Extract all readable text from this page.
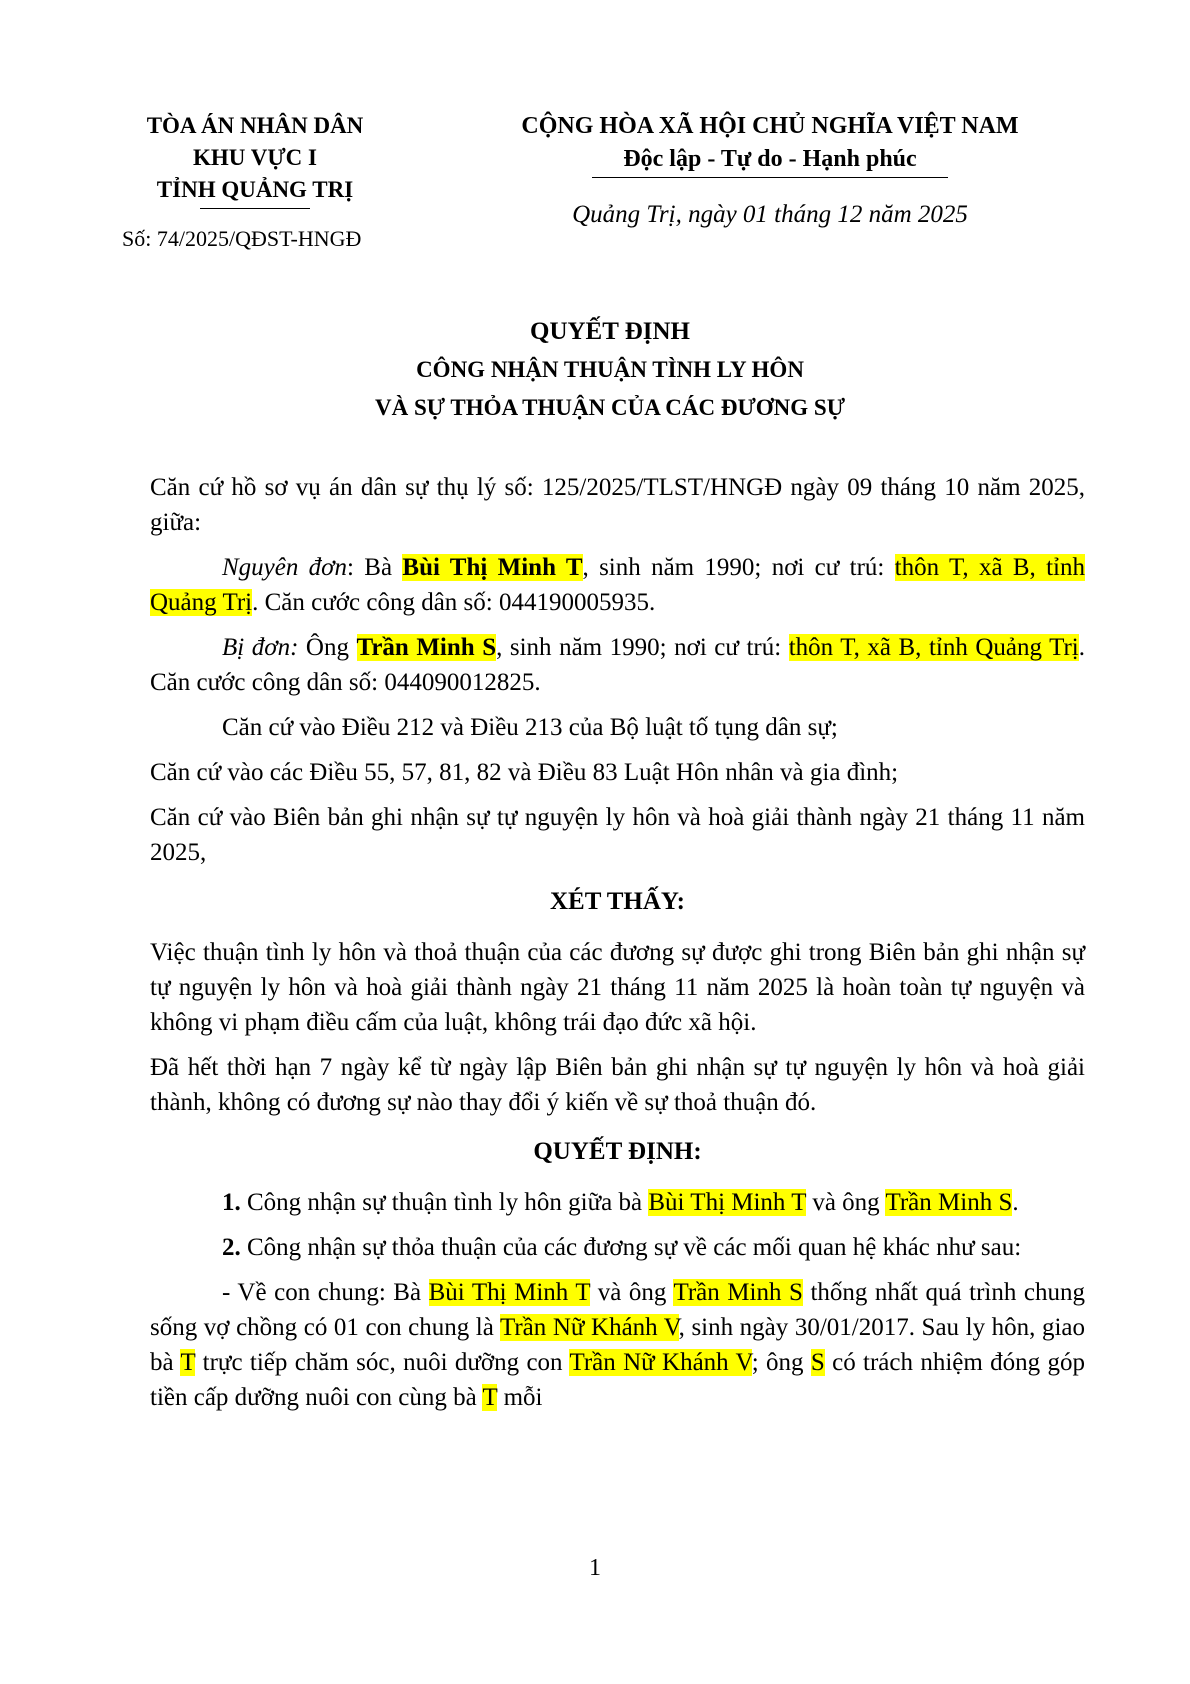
TÒA ÁN NHÂN DÂN
KHU VỰC I
TỈNH QUẢNG TRỊ
Số: 74/2025/QĐST-HNGĐ
CỘNG HÒA XÃ HỘI CHỦ NGHĨA VIỆT NAM
Độc lập - Tự do - Hạnh phúc
Quảng Trị, ngày 01 tháng 12 năm 2025
QUYẾT ĐỊNH
CÔNG NHẬN THUẬN TÌNH LY HÔN
VÀ SỰ THỎA THUẬN CỦA CÁC ĐƯƠNG SỰ

Căn cứ hồ sơ vụ án dân sự thụ lý số: 125/2025/TLST/HNGĐ ngày 09 tháng 10 năm 2025, giữa:

Nguyên đơn: Bà Bùi Thị Minh T, sinh năm 1990; nơi cư trú: thôn T, xã B, tỉnh Quảng Trị. Căn cước công dân số: 044190005935.

Bị đơn: Ông Trần Minh S, sinh năm 1990; nơi cư trú: thôn T, xã B, tỉnh Quảng Trị. Căn cước công dân số: 044090012825.

Căn cứ vào Điều 212 và Điều 213 của Bộ luật tố tụng dân sự;

Căn cứ vào các Điều 55, 57, 81, 82 và Điều 83 Luật Hôn nhân và gia đình;

Căn cứ vào Biên bản ghi nhận sự tự nguyện ly hôn và hoà giải thành ngày 21 tháng 11 năm 2025,

XÉT THẤY:

Việc thuận tình ly hôn và thoả thuận của các đương sự được ghi trong Biên bản ghi nhận sự tự nguyện ly hôn và hoà giải thành ngày 21 tháng 11 năm 2025 là hoàn toàn tự nguyện và không vi phạm điều cấm của luật, không trái đạo đức xã hội.

Đã hết thời hạn 7 ngày kể từ ngày lập Biên bản ghi nhận sự tự nguyện ly hôn và hoà giải thành, không có đương sự nào thay đổi ý kiến về sự thoả thuận đó.

QUYẾT ĐỊNH:

1. Công nhận sự thuận tình ly hôn giữa bà Bùi Thị Minh T và ông Trần Minh S.

2. Công nhận sự thỏa thuận của các đương sự về các mối quan hệ khác như sau:

- Về con chung: Bà Bùi Thị Minh T và ông Trần Minh S thống nhất quá trình chung sống vợ chồng có 01 con chung là Trần Nữ Khánh V, sinh ngày 30/01/2017. Sau ly hôn, giao bà T trực tiếp chăm sóc, nuôi dưỡng con Trần Nữ Khánh V; ông S có trách nhiệm đóng góp tiền cấp dưỡng nuôi con cùng bà T mỗi

1
